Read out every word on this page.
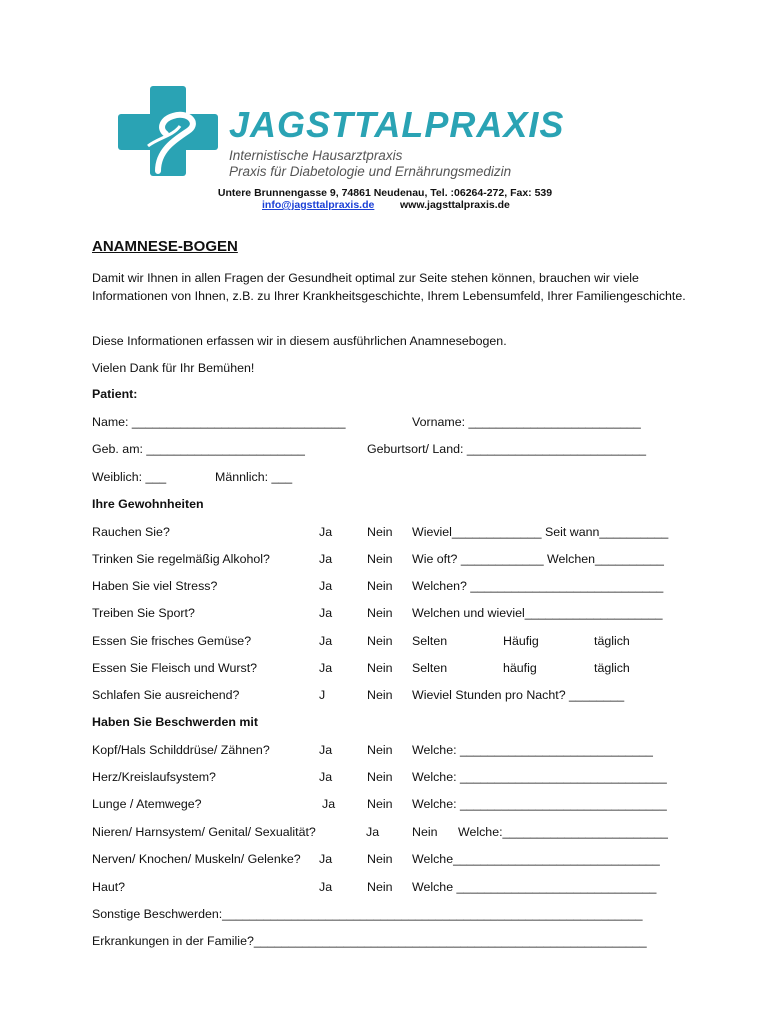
JAGSTTALPRAXIS
Internistische Hausarztpraxis
Praxis für Diabetologie und Ernährungsmedizin
Untere Brunnengasse 9, 74861 Neudenau, Tel. :06264-272, Fax: 539
info@jagsttalpraxis.de www.jagsttalpraxis.de
ANAMNESE-BOGEN
Damit wir Ihnen in allen Fragen der Gesundheit optimal zur Seite stehen können, brauchen wir viele Informationen von Ihnen, z.B. zu Ihrer Krankheitsgeschichte, Ihrem Lebensumfeld, Ihrer Familiengeschichte.
Diese Informationen erfassen wir in diesem ausführlichen Anamnesebogen.
Vielen Dank für Ihr Bemühen!
Patient:
Name: _______________________________	Vorname: _________________________
Geb. am: _______________________	Geburtsort/ Land: __________________________
Weiblich: ___	Männlich: ___
Ihre Gewohnheiten
Rauchen Sie?	Ja	Nein Wieviel_____________ Seit wann__________
Trinken Sie regelmäßig Alkohol?	Ja	Nein Wie oft? ____________ Welchen__________
Haben Sie viel Stress?	Ja	Nein Welchen? ____________________________
Treiben Sie Sport?	Ja	Nein Welchen und wieviel____________________
Essen Sie frisches Gemüse?	Ja	Nein Selten	Häufig	täglich
Essen Sie Fleisch und Wurst?	Ja	Nein Selten	häufig	täglich
Schlafen Sie ausreichend?	J	Nein Wieviel Stunden pro Nacht? ________
Haben Sie Beschwerden mit
Kopf/Hals Schilddrüse/ Zähnen?	Ja	Nein Welche: ____________________________
Herz/Kreislaufsystem?	Ja	Nein Welche: ______________________________
Lunge / Atemwege?	Ja	Nein Welche: ______________________________
Nieren/ Harnsystem/ Genital/ Sexualität?	Ja	Nein Welche:________________________
Nerven/ Knochen/ Muskeln/ Gelenke? Ja	Nein Welche______________________________
Haut?	Ja	Nein Welche _____________________________
Sonstige Beschwerden:_____________________________________________________________
Erkrankungen in der Familie?_________________________________________________________
